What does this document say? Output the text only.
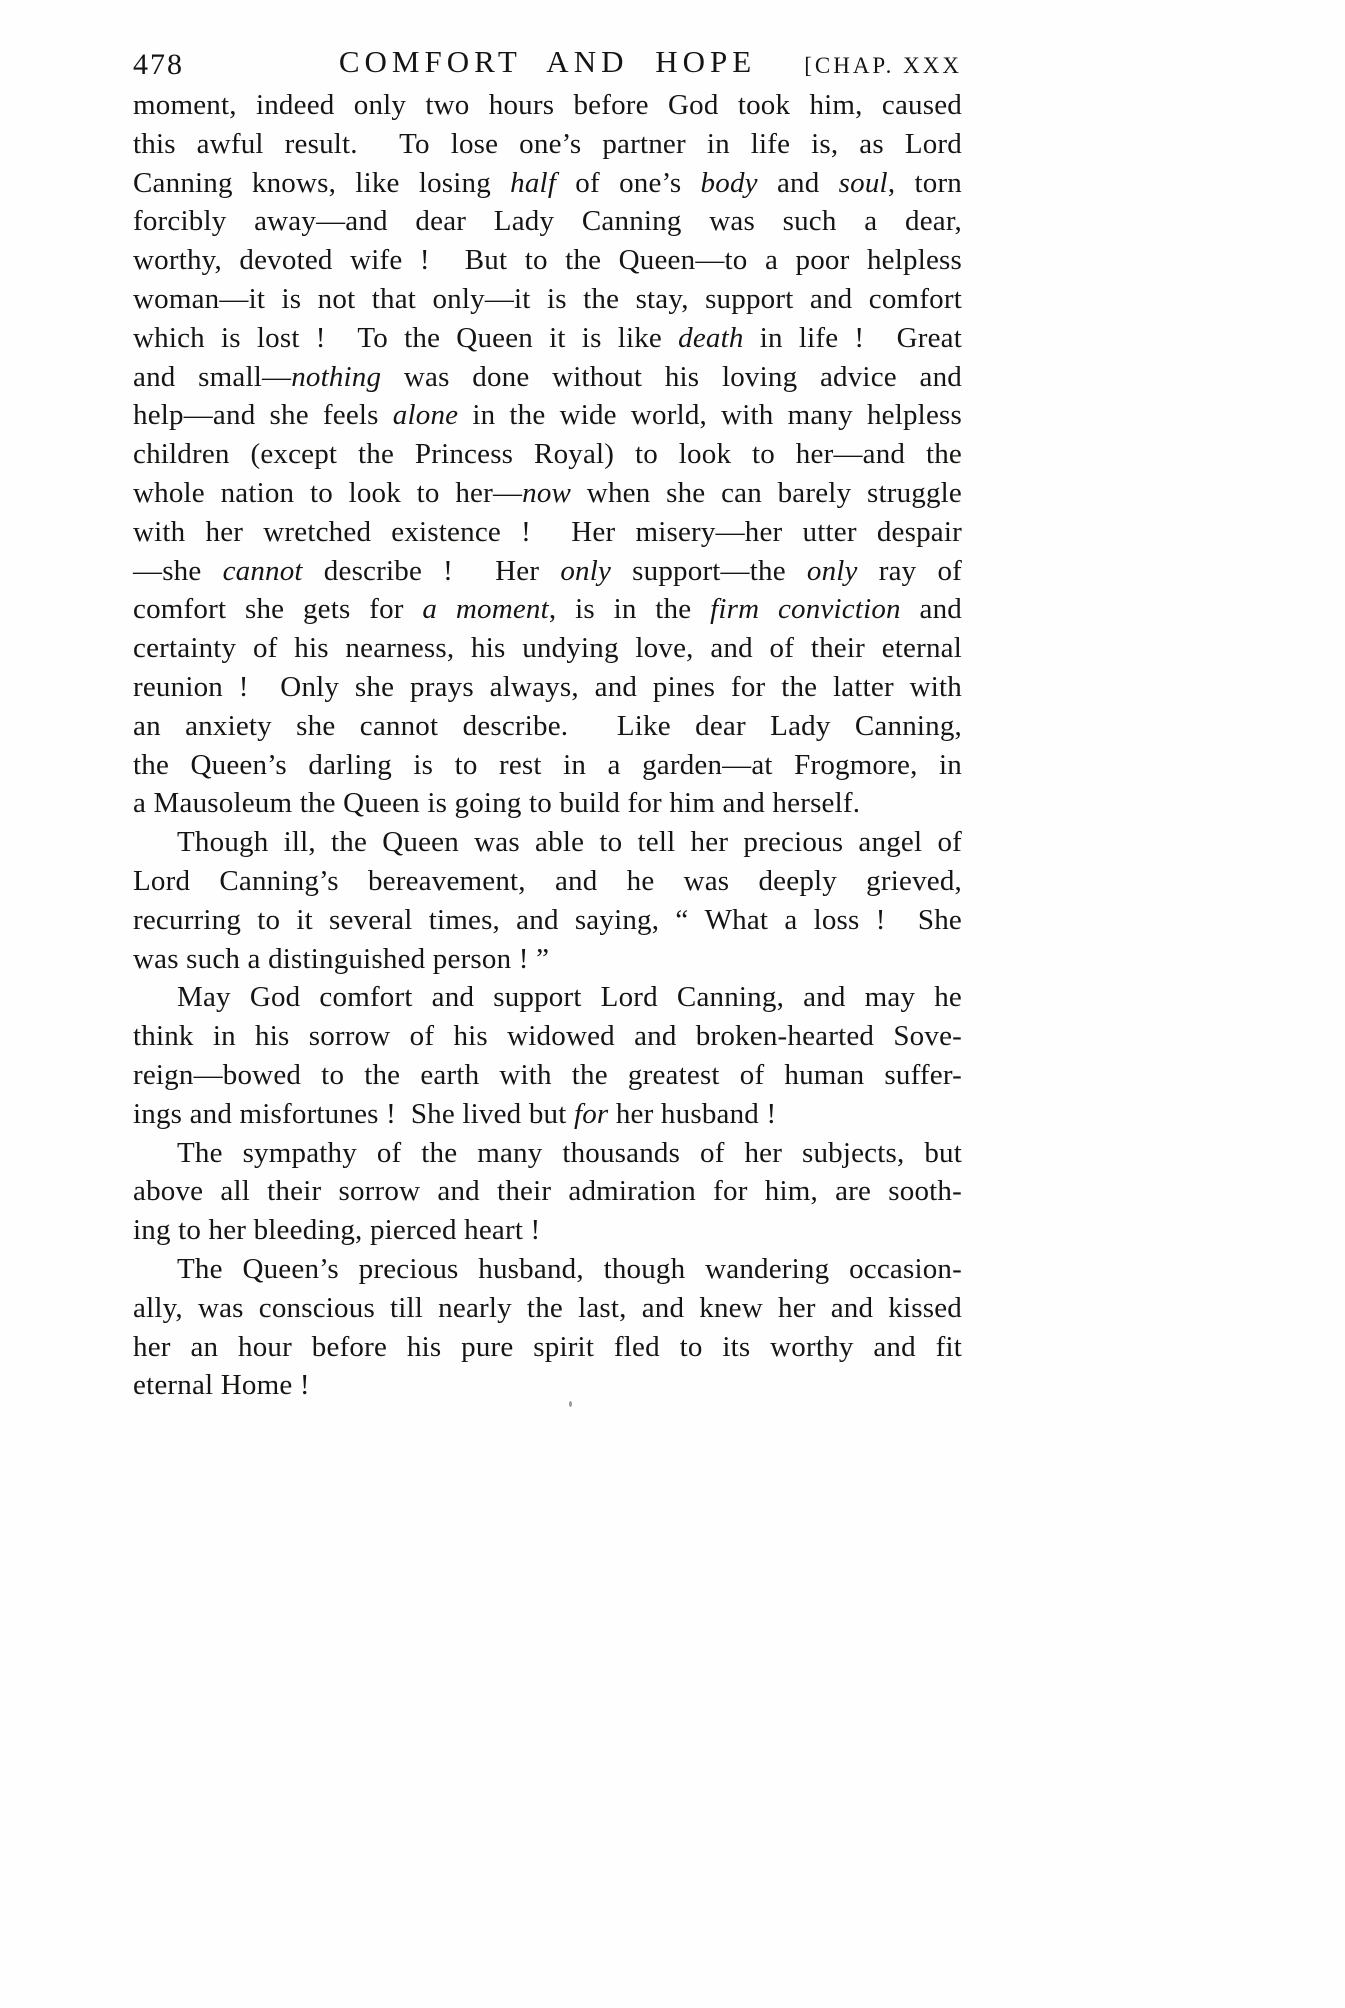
478	COMFORT AND HOPE [CHAP. XXX
moment, indeed only two hours before God took him, caused
this awful result.  To lose one’s partner in life is, as Lord
Canning knows, like losing half of one’s body and soul, torn
forcibly away—and dear Lady Canning was such a dear,
worthy, devoted wife !  But to the Queen—to a poor helpless
woman—it is not that only—it is the stay, support and comfort
which is lost !  To the Queen it is like death in life !  Great
and small—nothing was done without his loving advice and
help—and she feels alone in the wide world, with many helpless
children (except the Princess Royal) to look to her—and the
whole nation to look to her—now when she can barely struggle
with her wretched existence !  Her misery—her utter despair
—she cannot describe !  Her only support—the only ray of
comfort she gets for a moment, is in the firm conviction and
certainty of his nearness, his undying love, and of their eternal
reunion !  Only she prays always, and pines for the latter with
an anxiety she cannot describe.  Like dear Lady Canning,
the Queen’s darling is to rest in a garden—at Frogmore, in
a Mausoleum the Queen is going to build for him and herself.
Though ill, the Queen was able to tell her precious angel of
Lord Canning’s bereavement, and he was deeply grieved,
recurring to it several times, and saying, “ What a loss !  She
was such a distinguished person ! ”
May God comfort and support Lord Canning, and may he
think in his sorrow of his widowed and broken-hearted Sove-
reign—bowed to the earth with the greatest of human suffer-
ings and misfortunes !  She lived but for her husband !
The sympathy of the many thousands of her subjects, but
above all their sorrow and their admiration for him, are sooth-
ing to her bleeding, pierced heart !
The Queen’s precious husband, though wandering occasion-
ally, was conscious till nearly the last, and knew her and kissed
her an hour before his pure spirit fled to its worthy and fit
eternal Home !
